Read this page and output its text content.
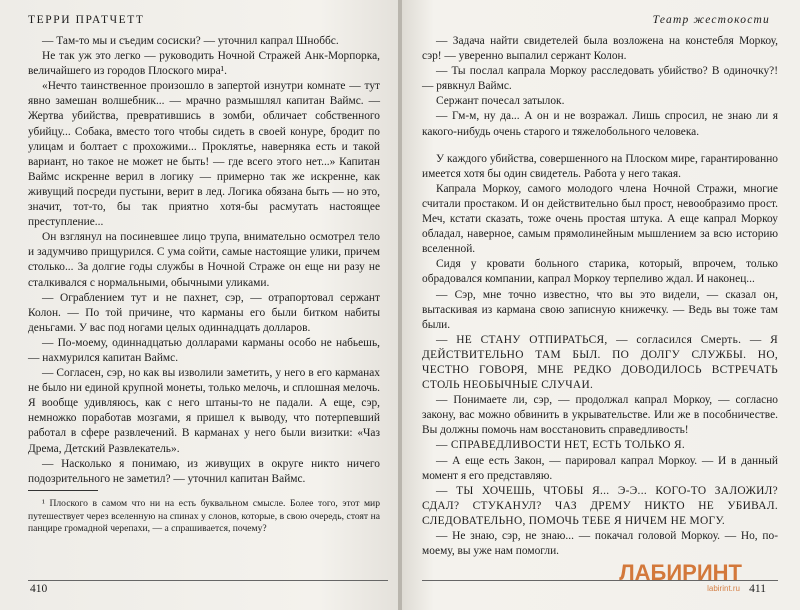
ТЕРРИ ПРАТЧЕТТ

— Там-то мы и съедим сосиски? — уточнил капрал Шноббс.

Не так уж это легко — руководить Ночной Стражей Анк-Морпорка, величайшего из городов Плоского мира¹.

«Нечто таинственное произошло в запертой изнутри комнате — тут явно замешан волшебник... — мрачно размышлял капитан Ваймс. — Жертва убийства, превратившись в зомби, обличает собственного убийцу... Собака, вместо того чтобы сидеть в своей конуре, бродит по улицам и болтает с прохожими... Проклятье, наверняка есть и такой вариант, но такое не может не быть! — где всего этого нет...» Капитан Ваймс искренне верил в логику — примерно так же искренне, как живущий посреди пустыни, верит в лед. Логика обязана быть — но это, значит, тот-то, бы так приятно хотя-бы расмутать настоящее преступление...

Он взглянул на посиневшее лицо трупа, внимательно осмотрел тело и задумчиво прищурился. С ума сойти, самые настоящие улики, причем столько... За долгие годы службы в Ночной Страже он еще ни разу не сталкивался с нормальными, обычными уликами.

— Ограблением тут и не пахнет, сэр, — отрапортовал сержант Колон. — По той причине, что карманы его были битком набиты деньгами. У вас под ногами целых одиннадцать долларов.

— По-моему, одиннадцатью долларами карманы особо не набьешь, — нахмурился капитан Ваймс.

— Согласен, сэр, но как вы изволили заметить, у него в его карманах не было ни единой крупной монеты, только мелочь, и сплошная мелочь. Я вообще удивляюсь, как с него штаны-то не падали. А еще, сэр, немножко поработав мозгами, я пришел к выводу, что потерпевший работал в сфере развлечений. В карманах у него были визитки: «Чаз Дрема, Детский Развлекатель».

— Насколько я понимаю, из живущих в округе никто ничего подозрительного не заметил? — уточнил капитан Ваймс.

¹ Плоского в самом что ни на есть буквальном смысле. Более того, этот мир путешествует через вселенную на спинах у слонов, которые, в свою очередь, стоят на панцире громадной черепахи, — а спрашивается, почему?

410
Театр жестокости

— Задача найти свидетелей была возложена на констебля Моркоу, сэр! — уверенно выпалил сержант Колон.

— Ты послал капрала Моркоу расследовать убийство? В одиночку?! — рявкнул Ваймс.

Сержант почесал затылок.

— Гм-м, ну да... А он и не возражал. Лишь спросил, не знаю ли я какого-нибудь очень старого и тяжелобольного человека.

У каждого убийства, совершенного на Плоском мире, гарантированно имеется хотя бы один свидетель. Работа у него такая.

Капрала Моркоу, самого молодого члена Ночной Стражи, многие считали простаком. И он действительно был прост, невообразимо прост. Меч, кстати сказать, тоже очень простая штука. А еще капрал Моркоу обладал, наверное, самым прямолинейным мышлением за всю историю вселенной.

Сидя у кровати больного старика, который, впрочем, только обрадовался компании, капрал Моркоу терпеливо ждал. И наконец...

— Сэр, мне точно известно, что вы это видели, — сказал он, вытаскивая из кармана свою записную книжечку. — Ведь вы тоже там были.

— НЕ СТАНУ ОТПИРАТЬСЯ, — согласился Смерть. — Я ДЕЙСТВИТЕЛЬНО ТАМ БЫЛ. ПО ДОЛГУ СЛУЖБЫ. НО, ЧЕСТНО ГОВОРЯ, МНЕ РЕДКО ДОВОДИЛОСЬ ВСТРЕЧАТЬ СТОЛЬ НЕОБЫЧНЫЕ СЛУЧАИ.

— Понимаете ли, сэр, — продолжал капрал Моркоу, — согласно закону, вас можно обвинить в укрывательстве. Или же в пособничестве. Вы должны помочь нам восстановить справедливость!

— СПРАВЕДЛИВОСТИ НЕТ, ЕСТЬ ТОЛЬКО Я.

— А еще есть Закон, — парировал капрал Моркоу. — И в данный момент я его представляю.

— ТЫ ХОЧЕШЬ, ЧТОБЫ Я... Э-Э... КОГО-ТО ЗАЛОЖИЛ? СДАЛ? СТУКАНУЛ? ЧАЗ ДРЕМУ НИКТО НЕ УБИВАЛ. СЛЕДОВАТЕЛЬНО, ПОМОЧЬ ТЕБЕ Я НИЧЕМ НЕ МОГУ.

— Не знаю, сэр, не знаю... — покачал головой Моркоу. — Но, по-моему, вы уже нам помогли.

411
ЛАБИРИНТ
labirint.ru
